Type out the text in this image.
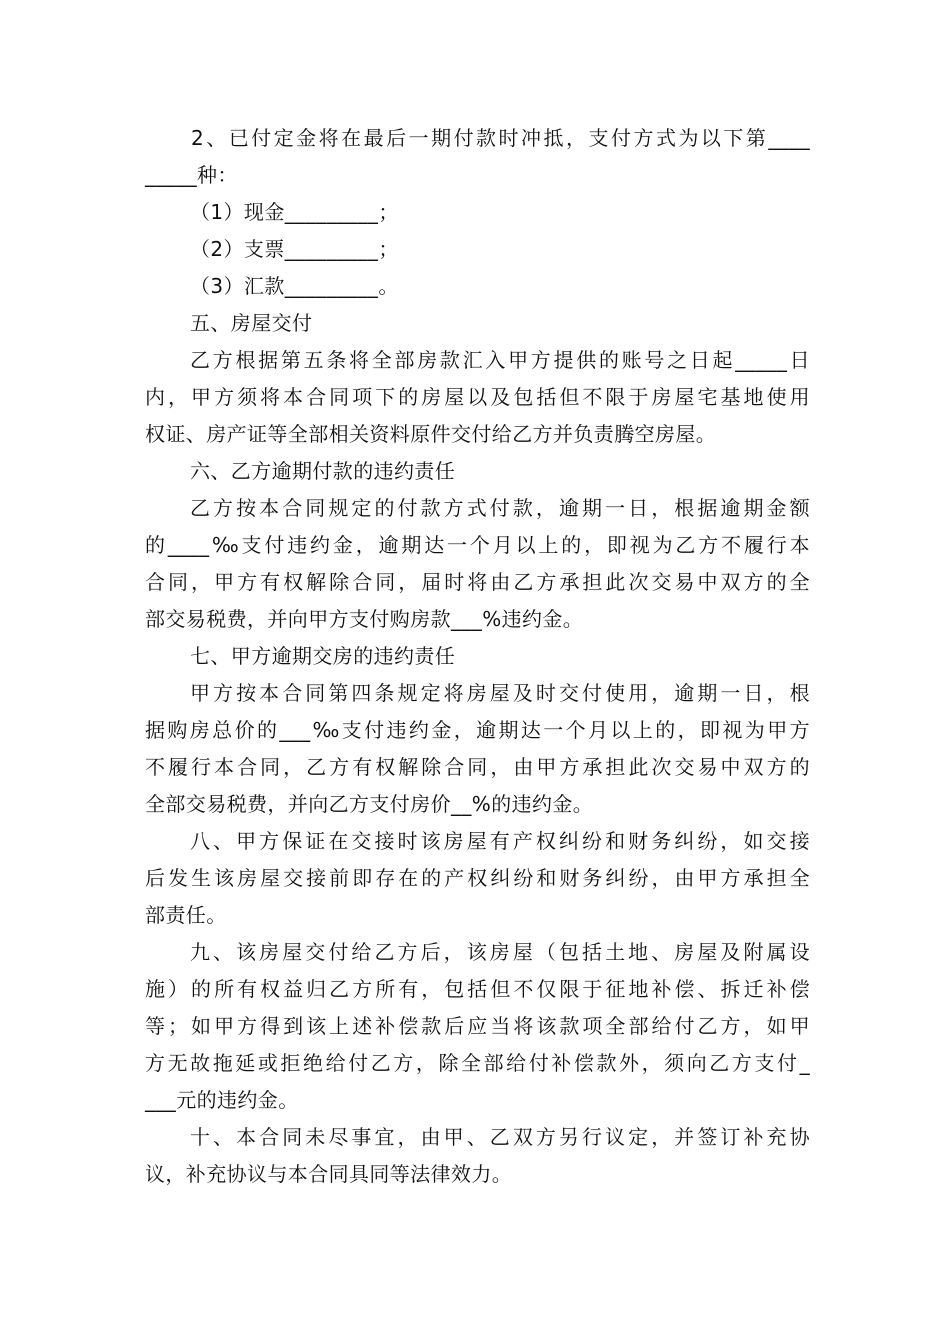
2、已付定金将在最后一期付款时冲抵，支付方式为以下第____
_____种：
（1）现金_________；
（2）支票_________；
（3）汇款_________。
五、房屋交付
乙方根据第五条将全部房款汇入甲方提供的账号之日起_____日
内，甲方须将本合同项下的房屋以及包括但不限于房屋宅基地使用
权证、房产证等全部相关资料原件交付给乙方并负责腾空房屋。
六、乙方逾期付款的违约责任
乙方按本合同规定的付款方式付款，逾期一日，根据逾期金额
的____‰支付违约金，逾期达一个月以上的，即视为乙方不履行本
合同，甲方有权解除合同，届时将由乙方承担此次交易中双方的全
部交易税费，并向甲方支付购房款___%违约金。
七、甲方逾期交房的违约责任
甲方按本合同第四条规定将房屋及时交付使用，逾期一日，根
据购房总价的___‰支付违约金，逾期达一个月以上的，即视为甲方
不履行本合同，乙方有权解除合同，由甲方承担此次交易中双方的
全部交易税费，并向乙方支付房价__%的违约金。
八、甲方保证在交接时该房屋有产权纠纷和财务纠纷，如交接
后发生该房屋交接前即存在的产权纠纷和财务纠纷，由甲方承担全
部责任。
九、该房屋交付给乙方后，该房屋（包括土地、房屋及附属设
施）的所有权益归乙方所有，包括但不仅限于征地补偿、拆迁补偿
等；如甲方得到该上述补偿款后应当将该款项全部给付乙方，如甲
方无故拖延或拒绝给付乙方，除全部给付补偿款外，须向乙方支付_
___元的违约金。
十、本合同未尽事宜，由甲、乙双方另行议定，并签订补充协
议，补充协议与本合同具同等法律效力。
